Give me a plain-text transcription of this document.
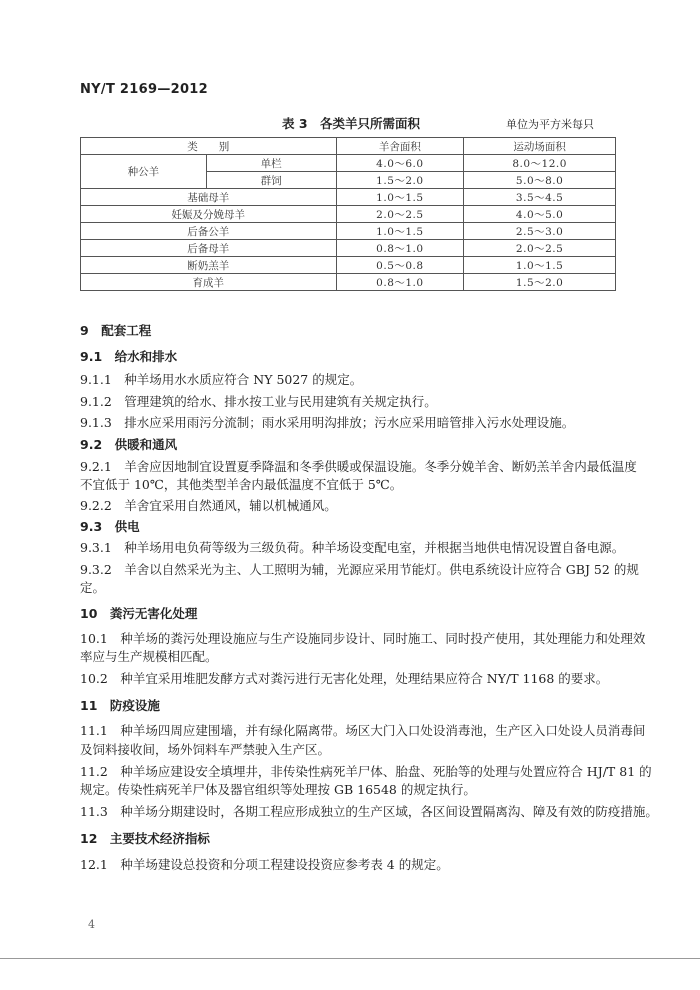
NY/T 2169—2012
表 3　各类羊只所需面积	单位为平方米每只
类　　别		羊舍面积	运动场面积
种公羊	单栏	4.0～6.0	8.0～12.0
	群饲	1.5～2.0	5.0～8.0
基础母羊		1.0～1.5	3.5～4.5
妊娠及分娩母羊		2.0～2.5	4.0～5.0
后备公羊		1.0～1.5	2.5～3.0
后备母羊		0.8～1.0	2.0～2.5
断奶羔羊		0.5～0.8	1.0～1.5
育成羊		0.8～1.0	1.5～2.0
9　配套工程
9.1　给水和排水
9.1.1　种羊场用水水质应符合 NY 5027 的规定。
9.1.2　管理建筑的给水、排水按工业与民用建筑有关规定执行。
9.1.3　排水应采用雨污分流制；雨水采用明沟排放；污水应采用暗管排入污水处理设施。
9.2　供暖和通风
9.2.1　羊舍应因地制宜设置夏季降温和冬季供暖或保温设施。冬季分娩羊舍、断奶羔羊舍内最低温度
不宜低于 10℃，其他类型羊舍内最低温度不宜低于 5℃。
9.2.2　羊舍宜采用自然通风，辅以机械通风。
9.3　供电
9.3.1　种羊场用电负荷等级为三级负荷。种羊场设变配电室，并根据当地供电情况设置自备电源。
9.3.2　羊舍以自然采光为主、人工照明为辅，光源应采用节能灯。供电系统设计应符合 GBJ 52 的规
定。
10　粪污无害化处理
10.1　种羊场的粪污处理设施应与生产设施同步设计、同时施工、同时投产使用，其处理能力和处理效
率应与生产规模相匹配。
10.2　种羊宜采用堆肥发酵方式对粪污进行无害化处理，处理结果应符合 NY/T 1168 的要求。
11　防疫设施
11.1　种羊场四周应建围墙，并有绿化隔离带。场区大门入口处设消毒池，生产区入口处设人员消毒间
及饲料接收间，场外饲料车严禁驶入生产区。
11.2　种羊场应建设安全填埋井，非传染性病死羊尸体、胎盘、死胎等的处理与处置应符合 HJ/T 81 的
规定。传染性病死羊尸体及器官组织等处理按 GB 16548 的规定执行。
11.3　种羊场分期建设时，各期工程应形成独立的生产区域，各区间设置隔离沟、障及有效的防疫措施。
12　主要技术经济指标
12.1　种羊场建设总投资和分项工程建设投资应参考表 4 的规定。
4
